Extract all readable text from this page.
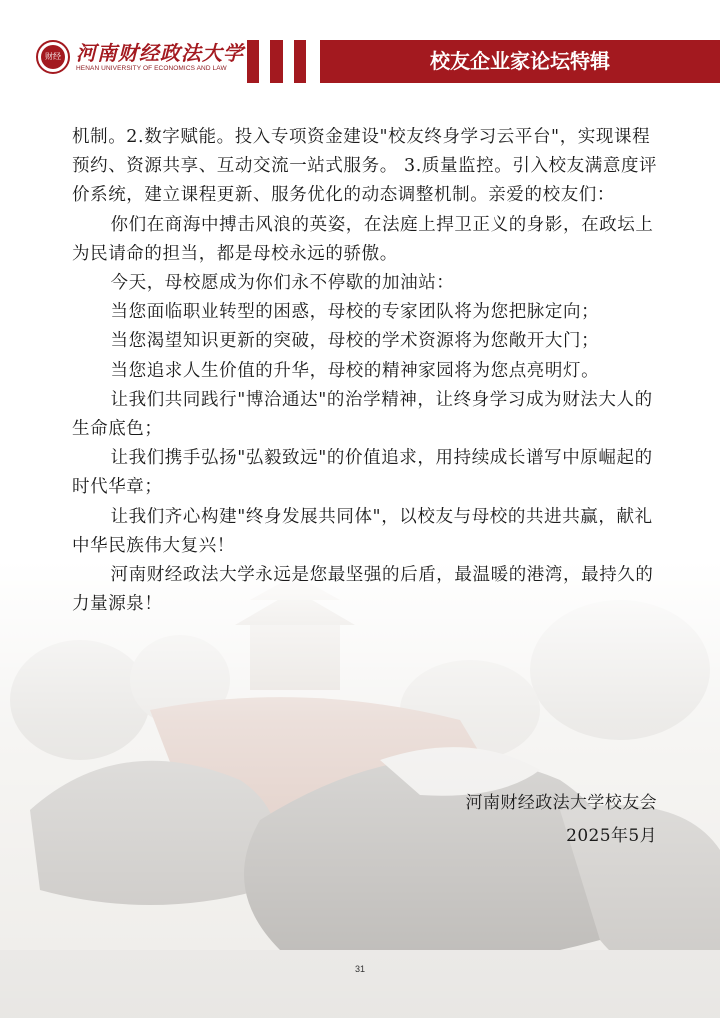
财经 河南财经政法大学
HENAN UNIVERSITY OF ECONOMICS AND LAW	校友企业家论坛特辑

机制。2.数字赋能。投入专项资金建设"校友终身学习云平台"，实现课程预约、资源共享、互动交流一站式服务。 3.质量监控。引入校友满意度评价系统，建立课程更新、服务优化的动态调整机制。亲爱的校友们：

你们在商海中搏击风浪的英姿，在法庭上捍卫正义的身影，在政坛上为民请命的担当，都是母校永远的骄傲。

今天，母校愿成为你们永不停歇的加油站：

当您面临职业转型的困惑，母校的专家团队将为您把脉定向；

当您渴望知识更新的突破，母校的学术资源将为您敞开大门；

当您追求人生价值的升华，母校的精神家园将为您点亮明灯。

让我们共同践行"博洽通达"的治学精神，让终身学习成为财法大人的生命底色；

让我们携手弘扬"弘毅致远"的价值追求，用持续成长谱写中原崛起的时代华章；

让我们齐心构建"终身发展共同体"，以校友与母校的共进共赢，献礼中华民族伟大复兴！

河南财经政法大学永远是您最坚强的后盾，最温暖的港湾，最持久的力量源泉！

河南财经政法大学校友会
2025年5月
31
